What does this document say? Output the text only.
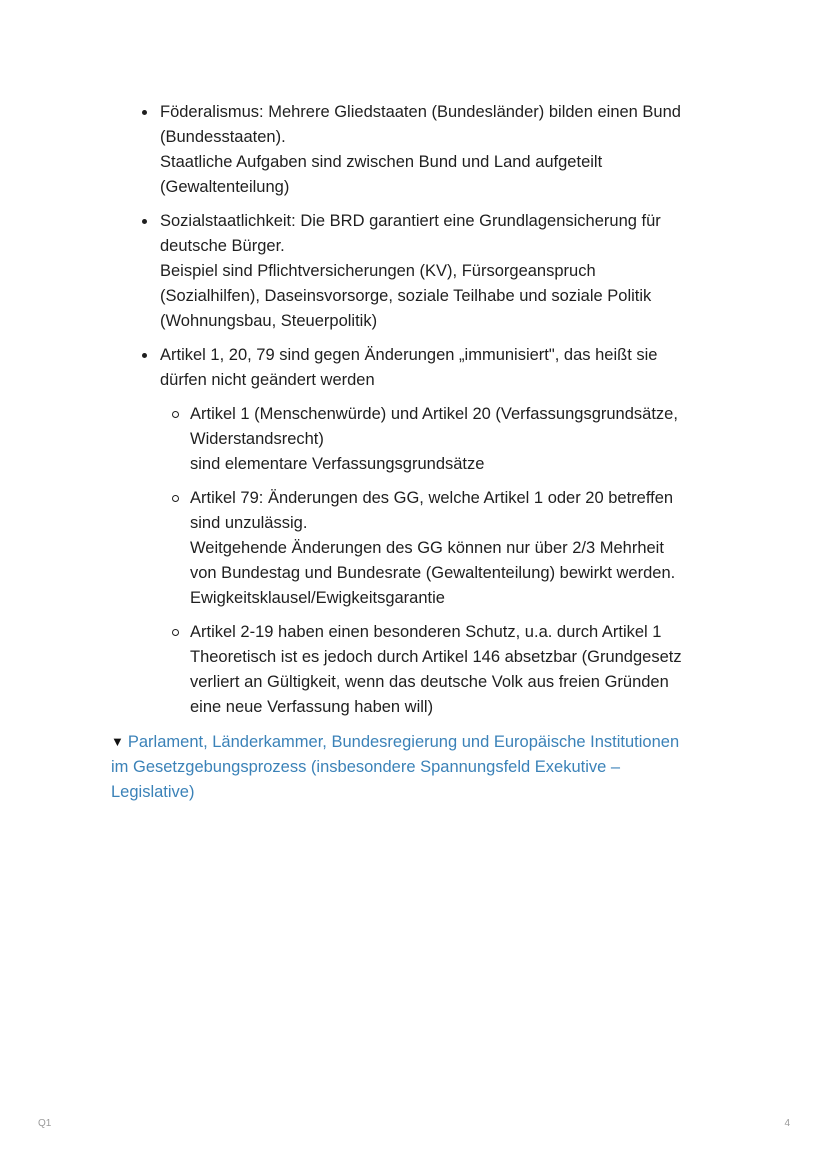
Föderalismus: Mehrere Gliedstaaten (Bundesländer) bilden einen Bund
(Bundesstaaten).
Staatliche Aufgaben sind zwischen Bund und Land aufgeteilt
(Gewaltenteilung)
Sozialstaatlichkeit: Die BRD garantiert eine Grundlagensicherung für
deutsche Bürger.
Beispiel sind Pflichtversicherungen (KV), Fürsorgeanspruch
(Sozialhilfen), Daseinsvorsorge, soziale Teilhabe und soziale Politik
(Wohnungsbau, Steuerpolitik)
Artikel 1, 20, 79 sind gegen Änderungen „immunisiert", das heißt sie
dürfen nicht geändert werden
Artikel 1 (Menschenwürde) und Artikel 20 (Verfassungsgrundsätze,
Widerstandsrecht)
sind elementare Verfassungsgrundsätze
Artikel 79: Änderungen des GG, welche Artikel 1 oder 20 betreffen
sind unzulässig.
Weitgehende Änderungen des GG können nur über 2/3 Mehrheit
von Bundestag und Bundesrate (Gewaltenteilung) bewirkt werden.
Ewigkeitsklausel/Ewigkeitsgarantie
Artikel 2-19 haben einen besonderen Schutz, u.a. durch Artikel 1
Theoretisch ist es jedoch durch Artikel 146 absetzbar (Grundgesetz
verliert an Gültigkeit, wenn das deutsche Volk aus freien Gründen
eine neue Verfassung haben will)
▼ Parlament, Länderkammer, Bundesregierung und Europäische Institutionen
im Gesetzgebungsprozess (insbesondere Spannungsfeld Exekutive –
Legislative)
Q1	4
